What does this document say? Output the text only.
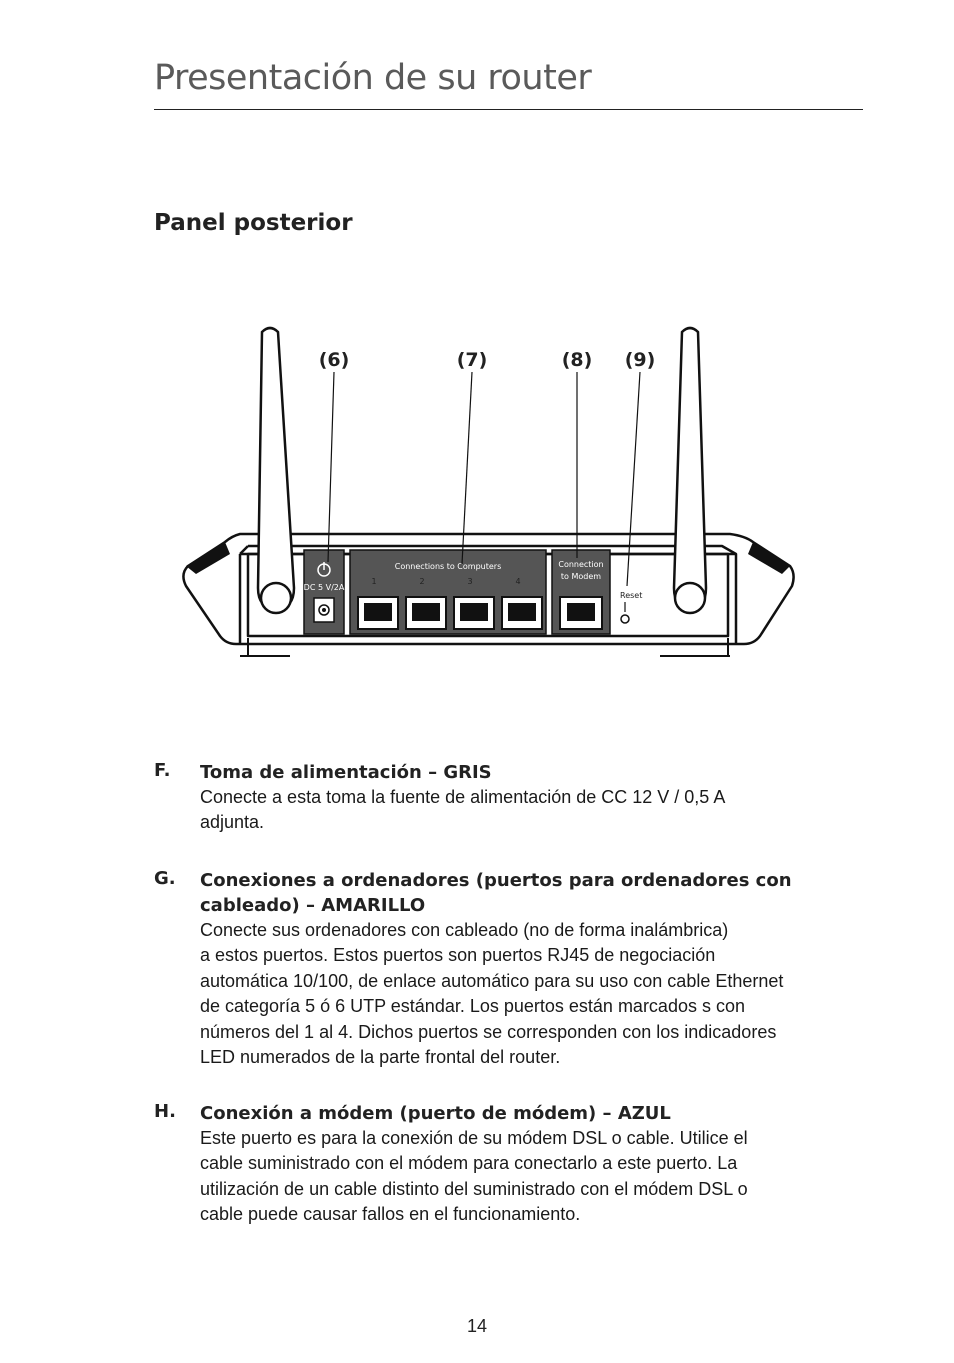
Presentación de su router
Panel posterior
DC 5 V/2A
Connections to Computers
1	2	3	4
Connection
to Modem
Reset
(6)	(7)	(8) (9)
F. Toma de alimentación – GRIS
Conecte a esta toma la fuente de alimentación de CC 12 V / 0,5 A
adjunta.
G. Conexiones a ordenadores (puertos para ordenadores con
cableado) – AMARILLO
Conecte sus ordenadores con cableado (no de forma inalámbrica)
a estos puertos. Estos puertos son puertos RJ45 de negociación
automática 10/100, de enlace automático para su uso con cable Ethernet
de categoría 5 ó 6 UTP estándar. Los puertos están marcados s con
números del 1 al 4. Dichos puertos se corresponden con los indicadores
LED numerados de la parte frontal del router.
H. Conexión a módem (puerto de módem) – AZUL
Este puerto es para la conexión de su módem DSL o cable. Utilice el
cable suministrado con el módem para conectarlo a este puerto. La
utilización de un cable distinto del suministrado con el módem DSL o
cable puede causar fallos en el funcionamiento.
14
